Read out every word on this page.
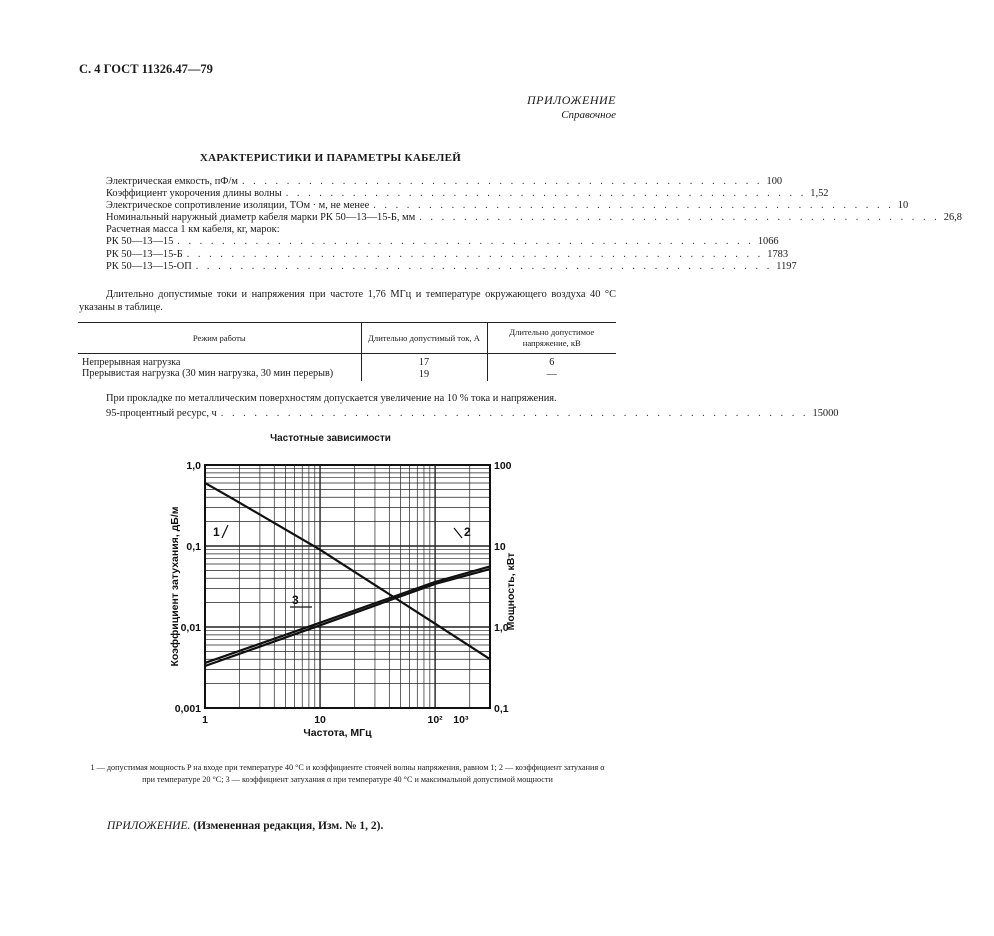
С. 4 ГОСТ 11326.47—79
ПРИЛОЖЕНИЕ
Справочное
ХАРАКТЕРИСТИКИ И ПАРАМЕТРЫ КАБЕЛЕЙ
Электрическая емкость, пФ/м . . . . . . . . . . . . . . . . . . . . . . . . . . . . . . . . . . . . . . . . . . . . . . . 100
Коэффициент укорочения длины волны . . . . . . . . . . . . . . . . . . . . . . . . . . . . . . . . . . . . . . . . . . . . . . . 1,52
Электрическое сопротивление изоляции, ТОм · м, не менее . . . . . . . . . . . . . . . . . . . . . . . . . . . . . . . . . . . . . . . . . . . . . . . 10
Номинальный наружный диаметр кабеля марки РК 50—13—15-Б, мм . . . . . . . . . . . . . . . . . . . . . . . . . . . . . . . . . . . . . . . . . . . . . . . 26,8
Расчетная масса 1 км кабеля, кг, марок:
РК 50—13—15 . . . . . . . . . . . . . . . . . . . . . . . . . . . . . . . . . . . . . . . . . . . . . . . . . . . . 1066
РК 50—13—15-Б . . . . . . . . . . . . . . . . . . . . . . . . . . . . . . . . . . . . . . . . . . . . . . . . . . . . 1783
РК 50—13—15-ОП . . . . . . . . . . . . . . . . . . . . . . . . . . . . . . . . . . . . . . . . . . . . . . . . . . . . 1197
Длительно допустимые токи и напряжения при частоте 1,76 МГц и температуре окружающего воздуха 40 °С указаны в таблице.
Режим работы	Длительно допустимый ток, А	Длительно допустимое напряжение, кВ
Непрерывная нагрузка	17	6
Прерывистая нагрузка (30 мин нагрузка, 30 мин перерыв)	19	—
При прокладке по металлическим поверхностям допускается увеличение на 10 % тока и напряжения.
95-процентный ресурс, ч . . . . . . . . . . . . . . . . . . . . . . . . . . . . . . . . . . . . . . . . . . . . . . . . . . . . . 15000
Частотные зависимости
1	2
3
1,0
0,1
0,01
0,001
100
10
1,0
0,1
1	10	10² 10³
Частота, МГц
Коэффициент затухания, дБ/м	Мощность, кВт
1 — допустимая мощность P на входе при температуре 40 °С и коэффициенте стоячей волны напряжения, равном 1; 2 — коэффициент затухания α при температуре 20 °С; 3 — коэффициент затухания α при температуре 40 °С и максимальной допустимой мощности
ПРИЛОЖЕНИЕ. (Измененная редакция, Изм. № 1, 2).
